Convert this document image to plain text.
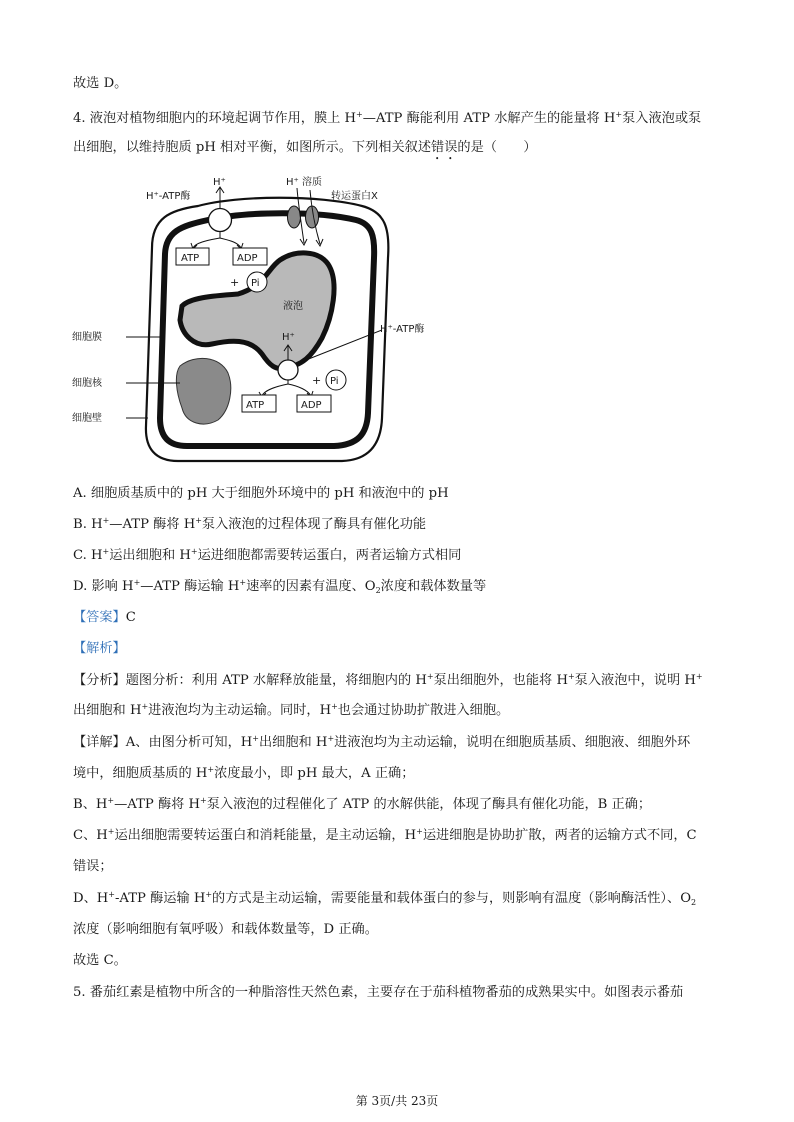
故选 D。
4. 液泡对植物细胞内的环境起调节作用，膜上 H+—ATP 酶能利用 ATP 水解产生的能量将 H+泵入液泡或泵
出细胞，以维持胞质 pH 相对平衡，如图所示。下列相关叙述错误的是（　　）
H⁺-ATP酶
H⁺	H⁺ 溶质
转运蛋白X
ATP	ADP
+ Pi
液泡
H⁺
H⁺-ATP酶
ATP	ADP
+ Pi
细胞膜
细胞核
细胞壁
A. 细胞质基质中的 pH 大于细胞外环境中的 pH 和液泡中的 pH
B. H+—ATP 酶将 H+泵入液泡的过程体现了酶具有催化功能
C. H+运出细胞和 H+运进细胞都需要转运蛋白，两者运输方式相同
D. 影响 H+—ATP 酶运输 H+速率的因素有温度、$O_2$浓度和载体数量等
【答案】C
【解析】
【分析】题图分析：利用 ATP 水解释放能量，将细胞内的 H+泵出细胞外，也能将 H+泵入液泡中，说明 H+
出细胞和 H+进液泡均为主动运输。同时，H+也会通过协助扩散进入细胞。
【详解】A、由图分析可知，H+出细胞和 H+进液泡均为主动运输，说明在细胞质基质、细胞液、细胞外环
境中，细胞质基质的 H+浓度最小，即 pH 最大，A 正确；
B、H+—ATP 酶将 H+泵入液泡的过程催化了 ATP 的水解供能，体现了酶具有催化功能，B 正确；
C、H+运出细胞需要转运蛋白和消耗能量，是主动运输，H+运进细胞是协助扩散，两者的运输方式不同，C
错误；
D、H+-ATP 酶运输 H+的方式是主动运输，需要能量和载体蛋白的参与，则影响有温度（影响酶活性）、$O_2$
浓度（影响细胞有氧呼吸）和载体数量等，D 正确。
故选 C。
5. 番茄红素是植物中所含的一种脂溶性天然色素，主要存在于茄科植物番茄的成熟果实中。如图表示番茄
第 3页/共 23页
